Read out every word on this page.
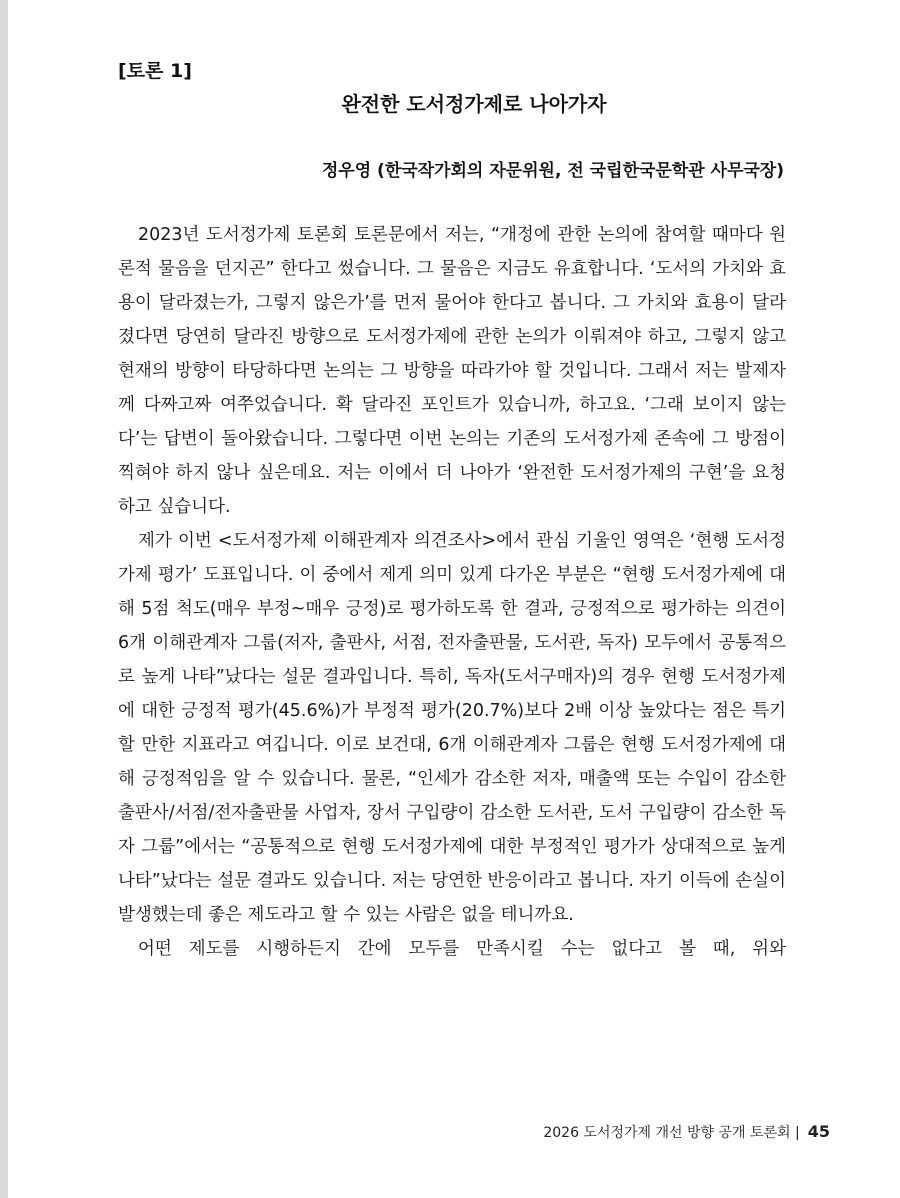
[토론 1]
완전한 도서정가제로 나아가자
정우영 (한국작가회의 자문위원, 전 국립한국문학관 사무국장)

2023년 도서정가제 토론회 토론문에서 저는, “개정에 관한 논의에 참여할 때마다 원론적 물음을 던지곤” 한다고 썼습니다. 그 물음은 지금도 유효합니다. ‘도서의 가치와 효용이 달라졌는가, 그렇지 않은가’를 먼저 물어야 한다고 봅니다. 그 가치와 효용이 달라졌다면 당연히 달라진 방향으로 도서정가제에 관한 논의가 이뤄져야 하고, 그렇지 않고 현재의 방향이 타당하다면 논의는 그 방향을 따라가야 할 것입니다. 그래서 저는 발제자께 다짜고짜 여쭈었습니다. 확 달라진 포인트가 있습니까, 하고요. ‘그래 보이지 않는다’는 답변이 돌아왔습니다. 그렇다면 이번 논의는 기존의 도서정가제 존속에 그 방점이 찍혀야 하지 않나 싶은데요. 저는 이에서 더 나아가 ‘완전한 도서정가제의 구현’을 요청하고 싶습니다.

제가 이번 <도서정가제 이해관계자 의견조사>에서 관심 기울인 영역은 ‘현행 도서정가제 평가’ 도표입니다. 이 중에서 제게 의미 있게 다가온 부분은 “현행 도서정가제에 대해 5점 척도(매우 부정~매우 긍정)로 평가하도록 한 결과, 긍정적으로 평가하는 의견이 6개 이해관계자 그룹(저자, 출판사, 서점, 전자출판물, 도서관, 독자) 모두에서 공통적으로 높게 나타”났다는 설문 결과입니다. 특히, 독자(도서구매자)의 경우 현행 도서정가제에 대한 긍정적 평가(45.6%)가 부정적 평가(20.7%)보다 2배 이상 높았다는 점은 특기할 만한 지표라고 여깁니다. 이로 보건대, 6개 이해관계자 그룹은 현행 도서정가제에 대해 긍정적임을 알 수 있습니다. 물론, “인세가 감소한 저자, 매출액 또는 수입이 감소한 출판사/서점/전자출판물 사업자, 장서 구입량이 감소한 도서관, 도서 구입량이 감소한 독자 그룹”에서는 “공통적으로 현행 도서정가제에 대한 부정적인 평가가 상대적으로 높게 나타”났다는 설문 결과도 있습니다. 저는 당연한 반응이라고 봅니다. 자기 이득에 손실이 발생했는데 좋은 제도라고 할 수 있는 사람은 없을 테니까요.

어떤 제도를 시행하든지 간에 모두를 만족시킬 수는 없다고 볼 때, 위와

2026 도서정가제 개선 방향 공개 토론회 | 45
